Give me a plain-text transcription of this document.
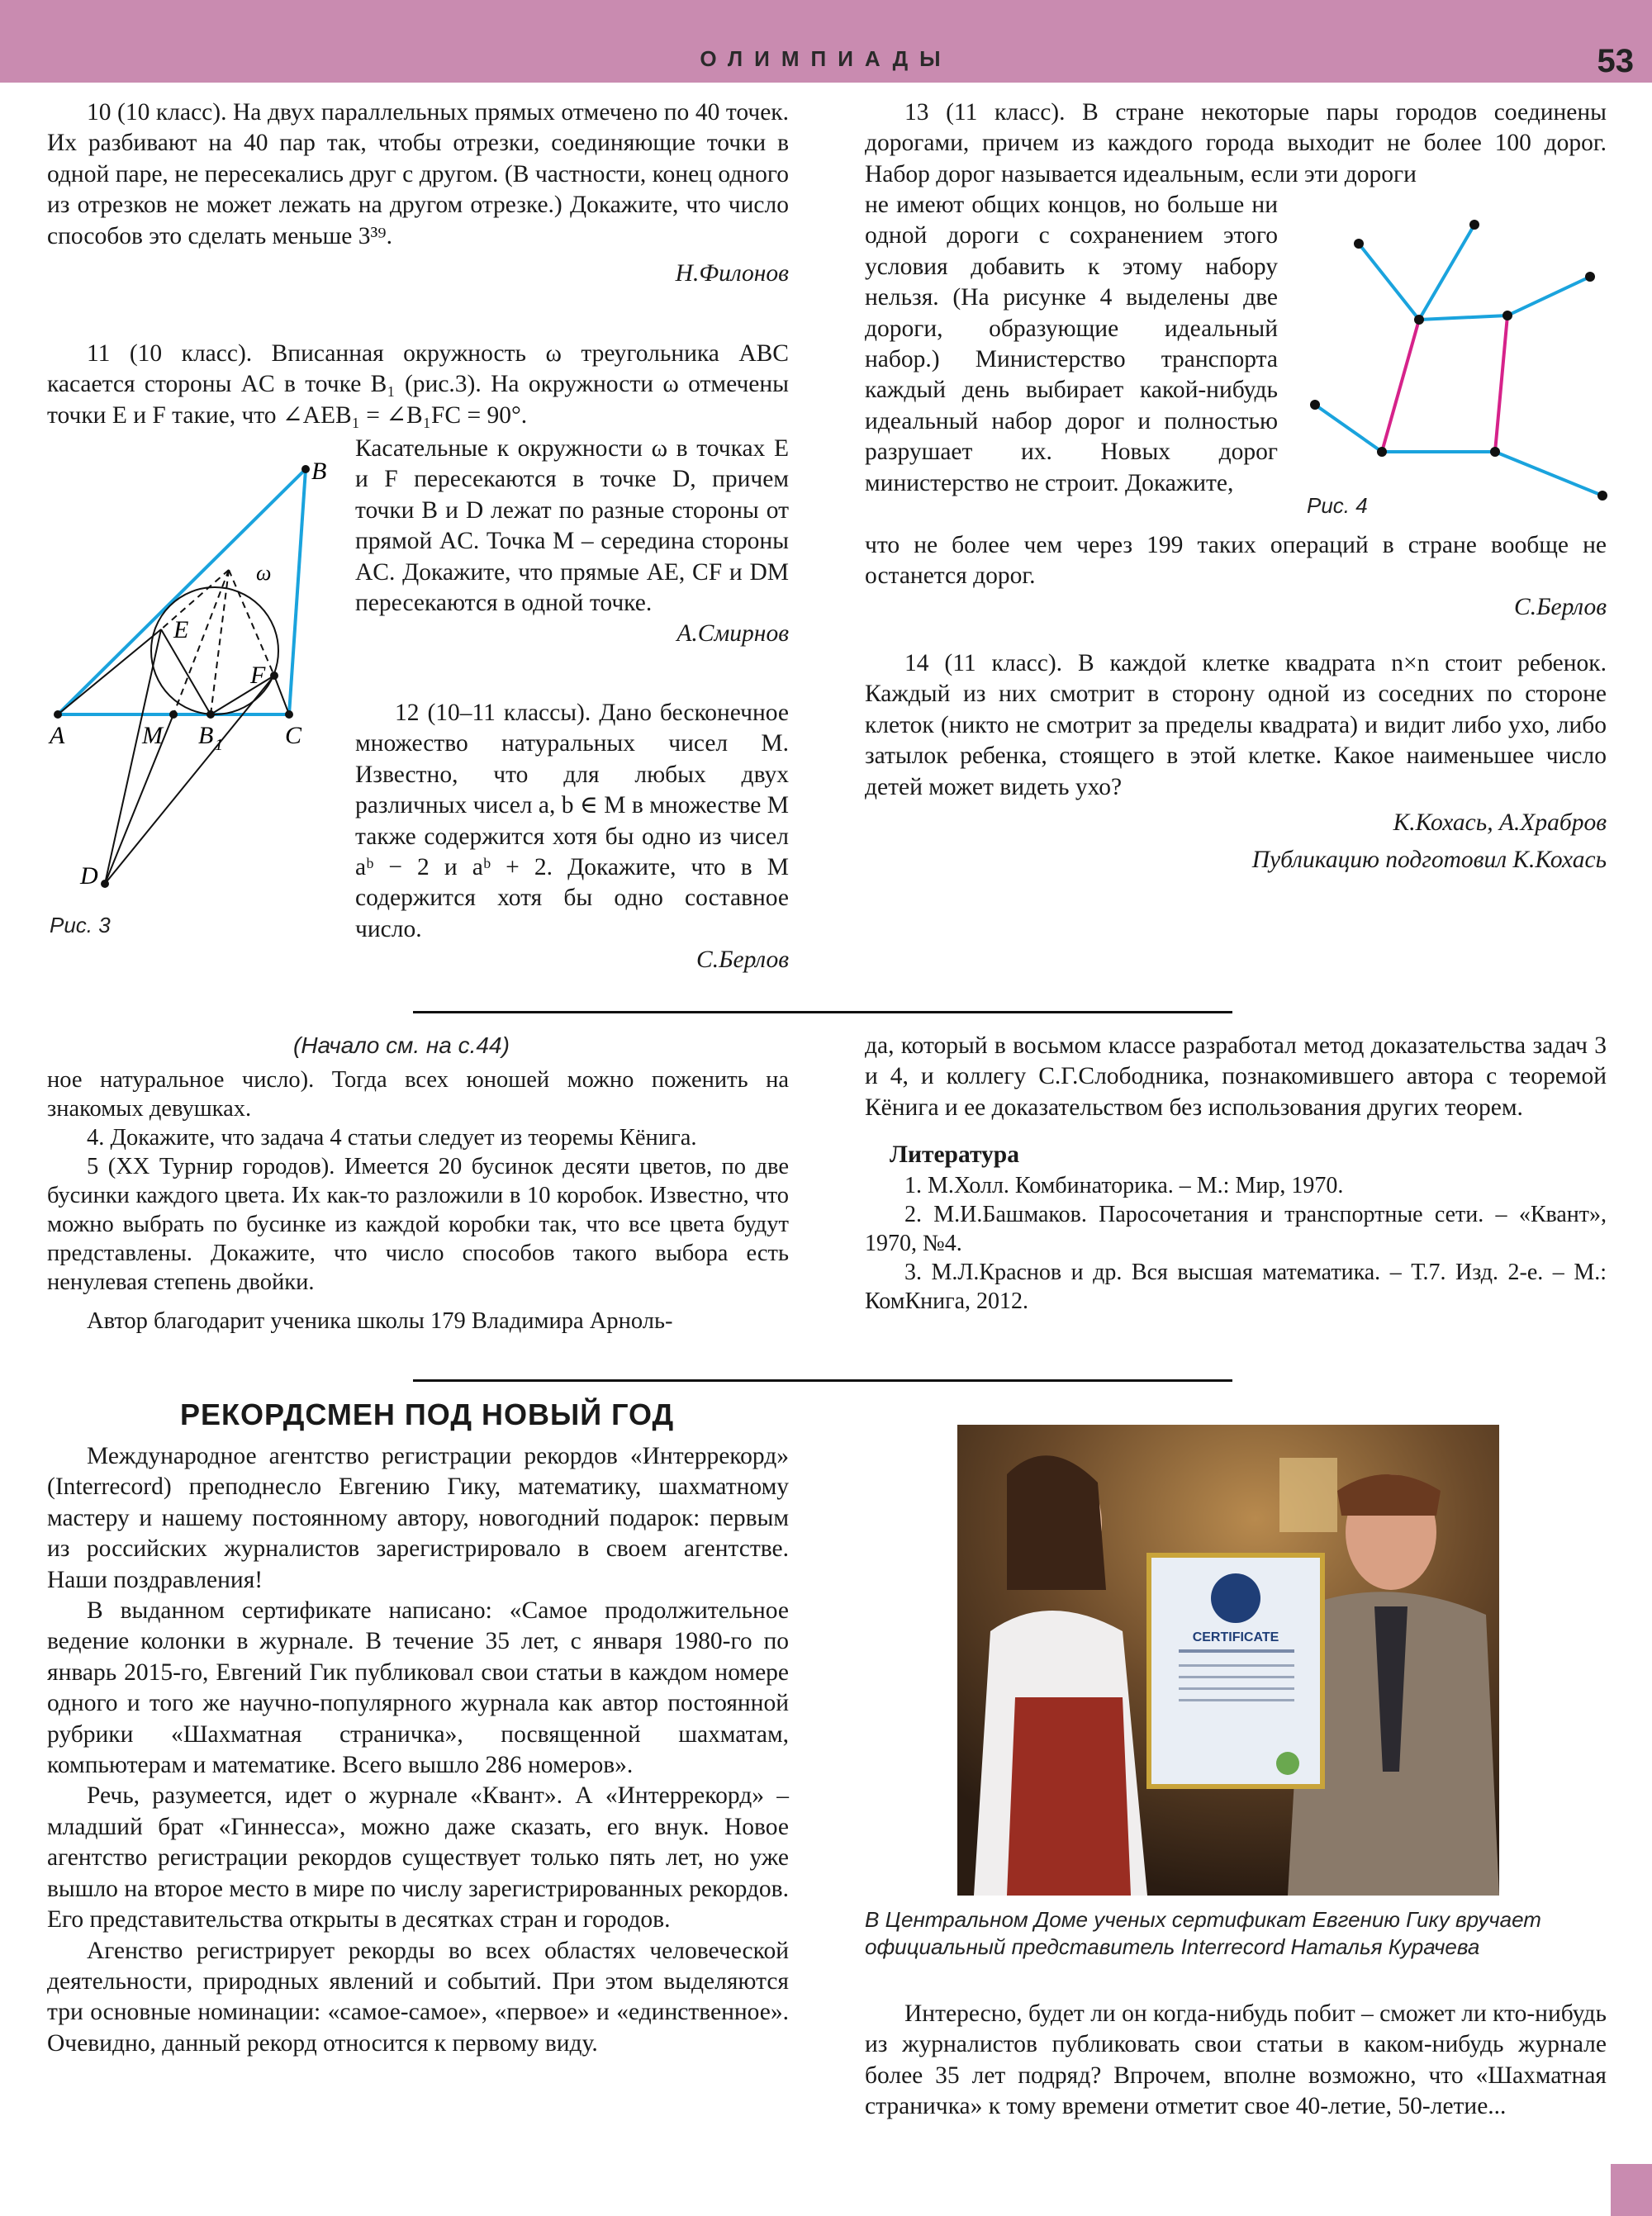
ОЛИМПИАДЫ	53

10 (10 класс). На двух параллельных прямых отмечено по 40 точек. Их разбивают на 40 пар так, чтобы отрезки, соединяющие точки в одной паре, не пересекались друг с другом. (В частности, конец одного из отрезков не может лежать на другом отрезке.) Докажите, что число способов это сделать меньше 3³⁹.

Н.Филонов

11 (10 класс). Вписанная окружность ω треугольника ABC касается стороны AC в точке B₁ (рис.3). На окружности ω отмечены точки E и F такие, что ∠AEB₁ = ∠B₁FC = 90°.

Касательные к окружности ω в точках E и F пересекаются в точке D, причем точки B и D лежат по разные стороны от прямой AC. Точка M – середина стороны AC. Докажите, что прямые AE, CF и DM пересекаются в одной точке.

А.Смирнов

12 (10–11 классы). Дано бесконечное множество натуральных чисел M. Известно, что для любых двух различных чисел a, b ∈ M в множестве M также содержится хотя бы одно из чисел aᵇ − 2 и aᵇ + 2. Докажите, что в M содержится хотя бы одно составное число.

С.Берлов

A
B
C
D
E
F
M B 1
ω
Рис. 3

13 (11 класс). В стране некоторые пары городов соединены дорогами, причем из каждого города выходит не более 100 дорог. Набор дорог называется идеальным, если эти дороги

не имеют общих концов, но больше ни одной дороги с сохранением этого условия добавить к этому набору нельзя. (На рисунке 4 выделены две дороги, образующие идеальный набор.) Министерство транспорта каждый день выбирает какой-нибудь идеальный набор дорог и полностью разрушает их. Новых дорог министерство не строит. Докажите,

что не более чем через 199 таких операций в стране вообще не останется дорог.

С.Берлов

Рис. 4

14 (11 класс). В каждой клетке квадрата n×n стоит ребенок. Каждый из них смотрит в сторону одной из соседних по стороне клеток (никто не смотрит за пределы квадрата) и видит либо ухо, либо затылок ребенка, стоящего в этой клетке. Какое наименьшее число детей может видеть ухо?

К.Кохась, А.Храбров

Публикацию подготовил К.Кохась

(Начало см. на с.44)

ное натуральное число). Тогда всех юношей можно поженить на знакомых девушках.

4. Докажите, что задача 4 статьи следует из теоремы Кёнига.

5 (XX Турнир городов). Имеется 20 бусинок десяти цветов, по две бусинки каждого цвета. Их как-то разложили в 10 коробок. Известно, что можно выбрать по бусинке из каждой коробки так, что все цвета будут представлены. Докажите, что число способов такого выбора есть ненулевая степень двойки.

Автор благодарит ученика школы 179 Владимира Арноль-

да, который в восьмом классе разработал метод доказательства задач 3 и 4, и коллегу С.Г.Слободника, познакомившего автора с теоремой Кёнига и ее доказательством без использования других теорем.

Литература

1. М.Холл. Комбинаторика. – М.: Мир, 1970.

2. М.И.Башмаков. Паросочетания и транспортные сети. – «Квант», 1970, №4.

3. М.Л.Краснов и др. Вся высшая математика. – Т.7. Изд. 2-е. – М.: КомКнига, 2012.

РЕКОРДСМЕН ПОД НОВЫЙ ГОД

Международное агентство регистрации рекордов «Интеррекорд» (Interrecord) преподнесло Евгению Гику, математику, шахматному мастеру и нашему постоянному автору, новогодний подарок: первым из российских журналистов зарегистрировало в своем агентстве. Наши поздравления!

В выданном сертификате написано: «Самое продолжительное ведение колонки в журнале. В течение 35 лет, с января 1980-го по январь 2015-го, Евгений Гик публиковал свои статьи в каждом номере одного и того же научно-популярного журнала как автор постоянной рубрики «Шахматная страничка», посвященной шахматам, компьютерам и математике. Всего вышло 286 номеров».

Речь, разумеется, идет о журнале «Квант». А «Интеррекорд» – младший брат «Гиннесса», можно даже сказать, его внук. Новое агентство регистрации рекордов существует только пять лет, но уже вышло на второе место в мире по числу зарегистрированных рекордов. Его представительства открыты в десятках стран и городов.

Агенство регистрирует рекорды во всех областях человеческой деятельности, природных явлений и событий. При этом выделяются три основные номинации: «самое-самое», «первое» и «единственное». Очевидно, данный рекорд относится к первому виду.

CERTIFICATE
В Центральном Доме ученых сертификат Евгению Гику вручает официальный представитель Interrecord Наталья Курачева

Интересно, будет ли он когда-нибудь побит – сможет ли кто-нибудь из журналистов публиковать свои статьи в каком-нибудь журнале более 35 лет подряд? Впрочем, вполне возможно, что «Шахматная страничка» к тому времени отметит свое 40-летие, 50-летие...
